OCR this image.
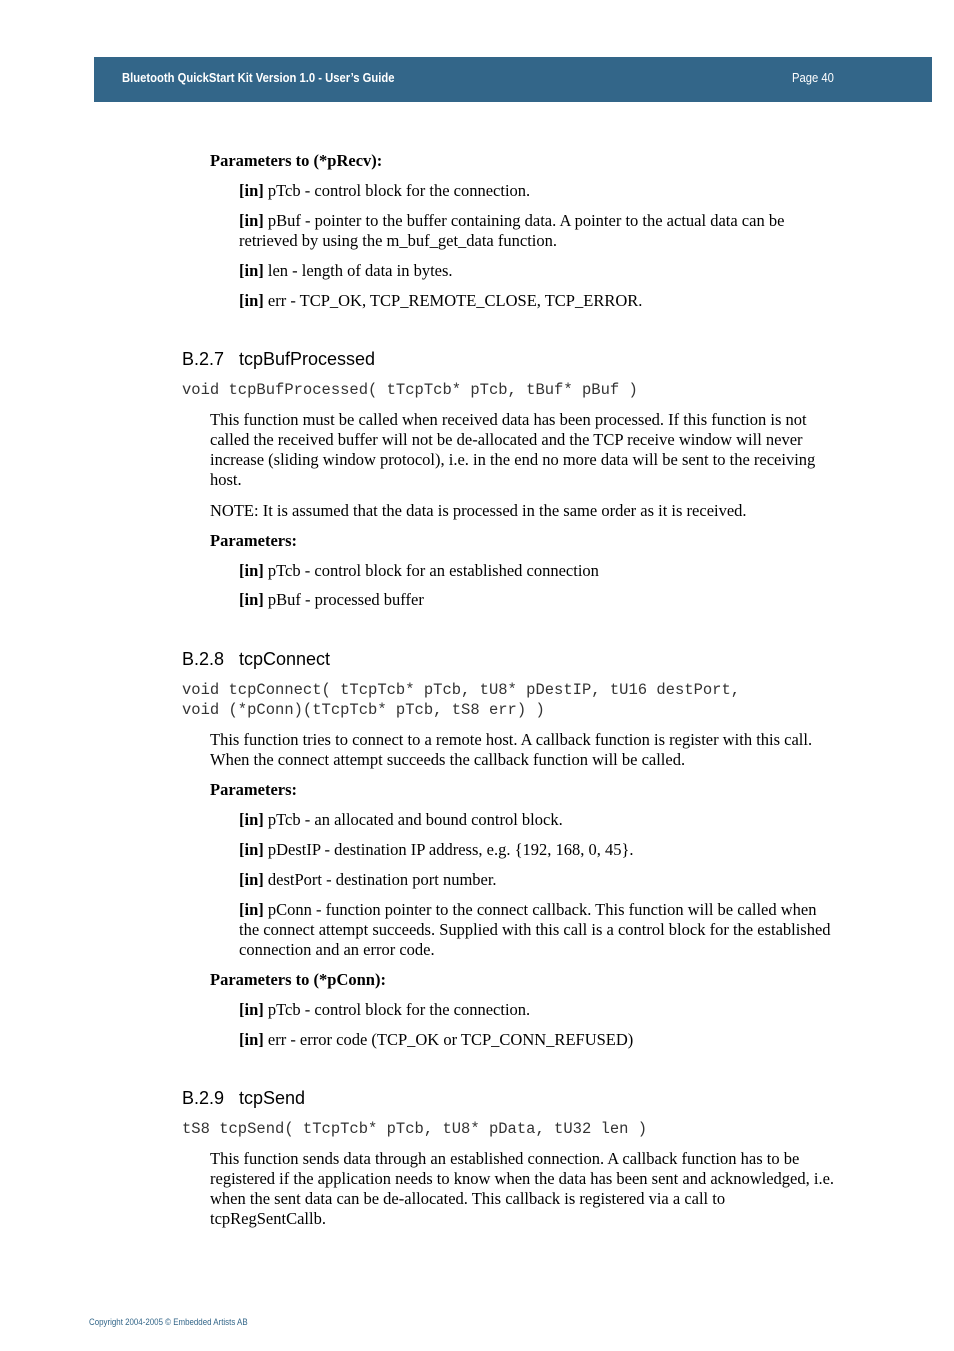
Bluetooth QuickStart Kit Version 1.0 - User’s Guide	Page 40
Parameters to (*pRecv):
[in] pTcb - control block for the connection.
[in] pBuf - pointer to the buffer containing data. A pointer to the actual data can be retrieved by using the m_buf_get_data function.
[in] len - length of data in bytes.
[in] err - TCP_OK, TCP_REMOTE_CLOSE, TCP_ERROR.
B.2.7 tcpBufProcessed
void tcpBufProcessed( tTcpTcb* pTcb, tBuf* pBuf )
This function must be called when received data has been processed. If this function is not called the received buffer will not be de-allocated and the TCP receive window will never increase (sliding window protocol), i.e. in the end no more data will be sent to the receiving host.
NOTE: It is assumed that the data is processed in the same order as it is received.
Parameters:
[in] pTcb - control block for an established connection
[in] pBuf - processed buffer
B.2.8 tcpConnect
void tcpConnect( tTcpTcb* pTcb, tU8* pDestIP, tU16 destPort,
void (*pConn)(tTcpTcb* pTcb, tS8 err) )
This function tries to connect to a remote host. A callback function is register with this call. When the connect attempt succeeds the callback function will be called.
Parameters:
[in] pTcb - an allocated and bound control block.
[in] pDestIP - destination IP address, e.g. {192, 168, 0, 45}.
[in] destPort - destination port number.
[in] pConn - function pointer to the connect callback. This function will be called when the connect attempt succeeds. Supplied with this call is a control block for the established connection and an error code.
Parameters to (*pConn):
[in] pTcb - control block for the connection.
[in] err - error code (TCP_OK or TCP_CONN_REFUSED)
B.2.9 tcpSend
tS8 tcpSend( tTcpTcb* pTcb, tU8* pData, tU32 len )
This function sends data through an established connection. A callback function has to be registered if the application needs to know when the data has been sent and acknowledged, i.e. when the sent data can be de-allocated. This callback is registered via a call to tcpRegSentCallb.
Copyright 2004-2005 © Embedded Artists AB
